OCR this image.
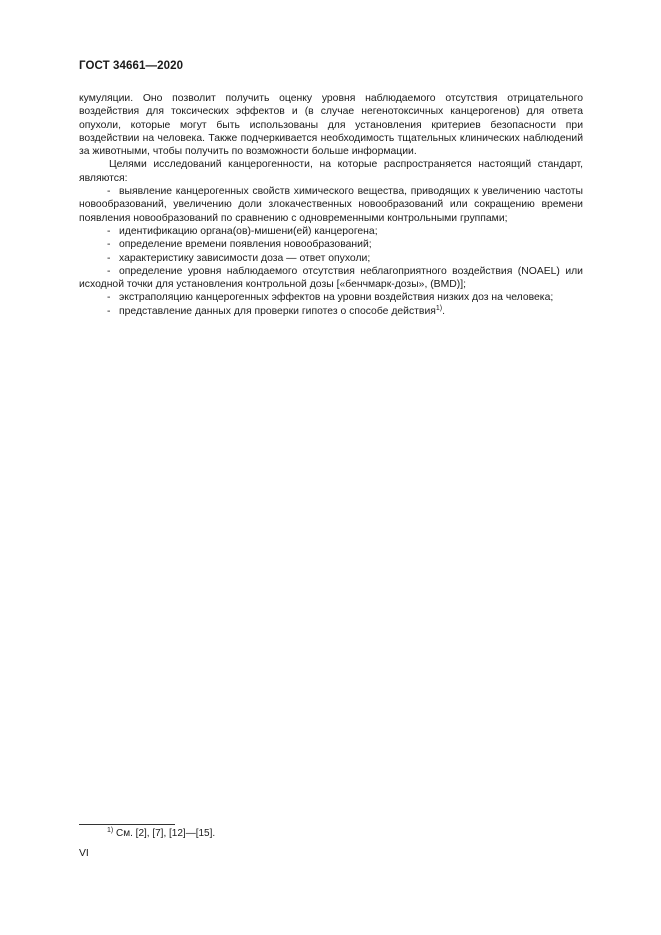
ГОСТ 34661—2020

кумуляции. Оно позволит получить оценку уровня наблюдаемого отсутствия отрицательного воздействия для токсических эффектов и (в случае негенотоксичных канцерогенов) для ответа опухоли, которые могут быть использованы для установления критериев безопасности при воздействии на человека. Также подчеркивается необходимость тщательных клинических наблюдений за животными, чтобы получить по возможности больше информации.

Целями исследований канцерогенности, на которые распространяется настоящий стандарт, являются:

- выявление канцерогенных свойств химического вещества, приводящих к увеличению частоты новообразований, увеличению доли злокачественных новообразований или сокращению времени появления новообразований по сравнению с одновременными контрольными группами;

- идентификацию органа(ов)-мишени(ей) канцерогена;

- определение времени появления новообразований;

- характеристику зависимости доза — ответ опухоли;

- определение уровня наблюдаемого отсутствия неблагоприятного воздействия (NOAEL) или исходной точки для установления контрольной дозы [«бенчмарк-дозы», (BMD)];

- экстраполяцию канцерогенных эффектов на уровни воздействия низких доз на человека;

- представление данных для проверки гипотез о способе действия$^{1)}$.

$^{1)}$ См. [2], [7], [12]—[15].
VI
